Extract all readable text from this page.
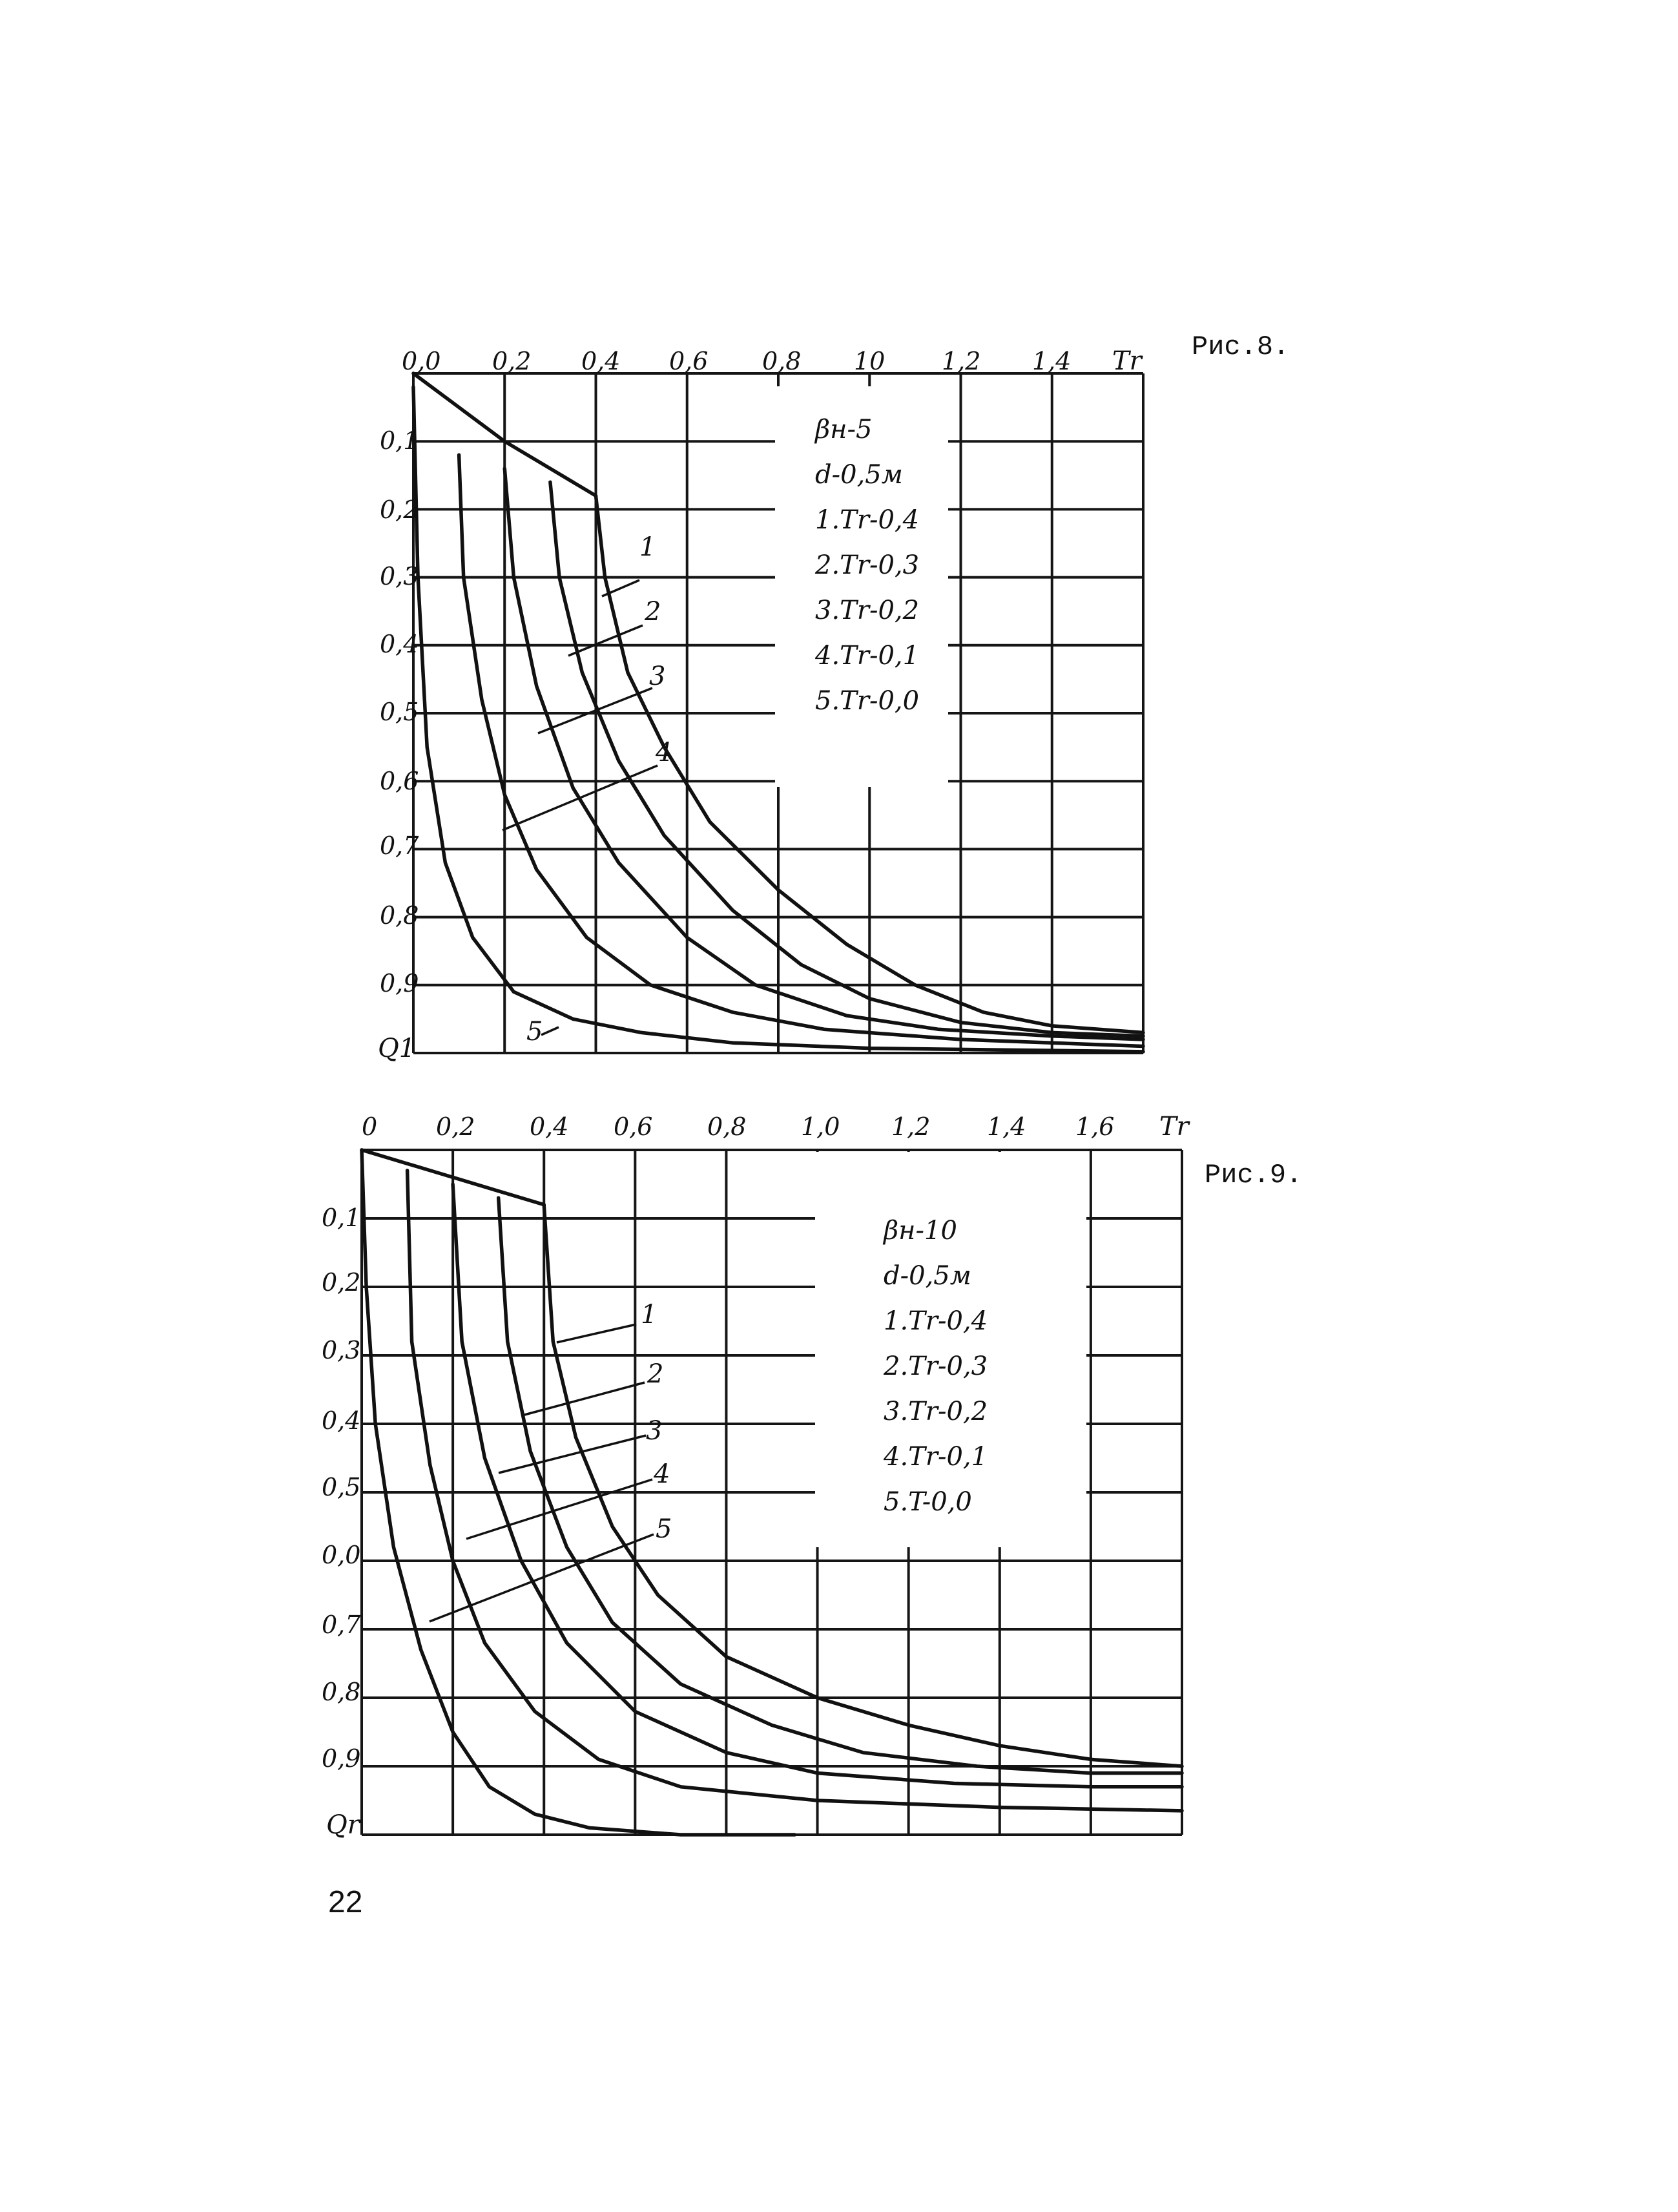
0,0 0,2 0,4 0,6 0,8 10 1,2 1,4 Tr
0,1
0,2
0,3
0,4
0,5
0,6
0,7
0,8
0,9
Q1
βн-5
d-0,5м
1.Tr-0,4
2.Tr-0,3
3.Tr-0,2
4.Tr-0,1
5.Tr-0,0
1
2
3
4
5
Рис.8.
0 0,2 0,4 0,6 0,8 1,0 1,2 1,4 1,6 Tr
0,1
0,2
0,3
0,4
0,5
0,0
0,7
0,8
0,9
Qr
βн-10
d-0,5м
1.Tr-0,4
2.Tr-0,3
3.Tr-0,2
4.Tr-0,1
5.T-0,0
1
2
3
4
5
Рис.9.
22
